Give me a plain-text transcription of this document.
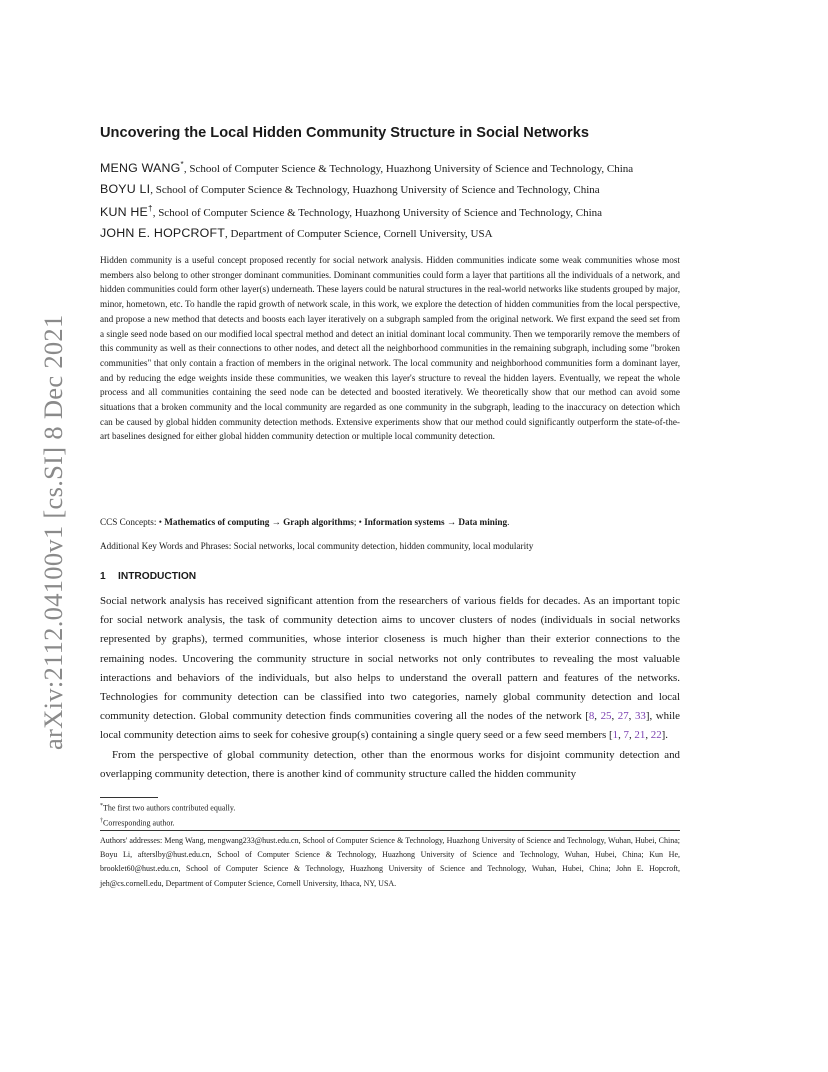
arXiv:2112.04100v1 [cs.SI] 8 Dec 2021
Uncovering the Local Hidden Community Structure in Social Networks
MENG WANG*, School of Computer Science & Technology, Huazhong University of Science and Technology, China
BOYU LI, School of Computer Science & Technology, Huazhong University of Science and Technology, China
KUN HE†, School of Computer Science & Technology, Huazhong University of Science and Technology, China
JOHN E. HOPCROFT, Department of Computer Science, Cornell University, USA
Hidden community is a useful concept proposed recently for social network analysis. Hidden communities indicate some weak communities whose most members also belong to other stronger dominant communities. Dominant communities could form a layer that partitions all the individuals of a network, and hidden communities could form other layer(s) underneath. These layers could be natural structures in the real-world networks like students grouped by major, minor, hometown, etc. To handle the rapid growth of network scale, in this work, we explore the detection of hidden communities from the local perspective, and propose a new method that detects and boosts each layer iteratively on a subgraph sampled from the original network. We first expand the seed set from a single seed node based on our modified local spectral method and detect an initial dominant local community. Then we temporarily remove the members of this community as well as their connections to other nodes, and detect all the neighborhood communities in the remaining subgraph, including some "broken communities" that only contain a fraction of members in the original network. The local community and neighborhood communities form a dominant layer, and by reducing the edge weights inside these communities, we weaken this layer's structure to reveal the hidden layers. Eventually, we repeat the whole process and all communities containing the seed node can be detected and boosted iteratively. We theoretically show that our method can avoid some situations that a broken community and the local community are regarded as one community in the subgraph, leading to the inaccuracy on detection which can be caused by global hidden community detection methods. Extensive experiments show that our method could significantly outperform the state-of-the-art baselines designed for either global hidden community detection or multiple local community detection.
CCS Concepts: • Mathematics of computing → Graph algorithms; • Information systems → Data mining.
Additional Key Words and Phrases: Social networks, local community detection, hidden community, local modularity
1 INTRODUCTION

Social network analysis has received significant attention from the researchers of various fields for decades. As an important topic for social network analysis, the task of community detection aims to uncover clusters of nodes (individuals in social networks represented by graphs), termed communities, whose interior closeness is much higher than their exterior connections to the remaining nodes. Uncovering the community structure in social networks not only contributes to revealing the most valuable interactions and behaviors of the individuals, but also helps to understand the overall pattern and features of the networks. Technologies for community detection can be classified into two categories, namely global community detection and local community detection. Global community detection finds communities covering all the nodes of the network [8, 25, 27, 33], while local community detection aims to seek for cohesive group(s) containing a single query seed or a few seed members [1, 7, 21, 22].

From the perspective of global community detection, other than the enormous works for disjoint community detection and overlapping community detection, there is another kind of community structure called the hidden community

*The first two authors contributed equally.
†Corresponding author.
Authors' addresses: Meng Wang, mengwang233@hust.edu.cn, School of Computer Science & Technology, Huazhong University of Science and Technology, Wuhan, Hubei, China; Boyu Li, afterslby@hust.edu.cn, School of Computer Science & Technology, Huazhong University of Science and Technology, Wuhan, Hubei, China; Kun He, brooklet60@hust.edu.cn, School of Computer Science & Technology, Huazhong University of Science and Technology, Wuhan, Hubei, China; John E. Hopcroft, jeh@cs.cornell.edu, Department of Computer Science, Cornell University, Ithaca, NY, USA.
